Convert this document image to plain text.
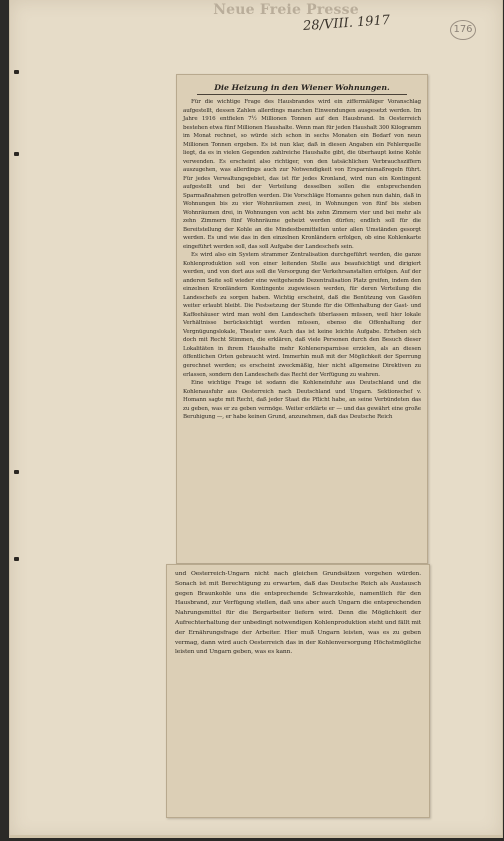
Neue Freie Presse
28/VIII. 1917	176
Die Heizung in den Wiener Wohnungen.

Für die wichtige Frage des Hausbrandes wird ein ziffermäßiger Voranschlag aufgestellt, dessen Zahlen allerdings manchen Einwendungen ausgesetzt werden. Im Jahre 1916 entfielen 7½ Millionen Tonnen auf den Hausbrand. In Oesterreich bestehen etwa fünf Millionen Haushalte. Wenn man für jeden Haushalt 300 Kilogramm im Monat rechnet, so würde sich schon in sechs Monaten ein Bedarf von neun Millionen Tonnen ergeben. Es ist nun klar, daß in diesen Angaben ein Fehlerquelle liegt, da es in vielen Gegenden zahlreiche Haushalte gibt, die überhaupt keine Kohle verwenden. Es erscheint also richtiger, von den tatsächlichen Verbrauchsziffern auszugehen, was allerdings auch zur Notwendigkeit von Ersparnismaßregeln führt. Für jedes Verwaltungsgebiet, das ist für jedes Kronland, wird nun ein Kontingent aufgestellt und bei der Verteilung desselben sollen die entsprechenden Sparmaßnahmen getroffen werden. Die Vorschläge Homanns gehen nun dahin, daß in Wohnungen bis zu vier Wohnräumen zwei, in Wohnungen von fünf bis sieben Wohnräumen drei, in Wohnungen von acht bis zehn Zimmern vier und bei mehr als zehn Zimmern fünf Wohnräume geheizt werden dürfen; endlich soll für die Bereitstellung der Kohle an die Mindestbemittelten unter allen Umständen gesorgt werden. Es und wie das in den einzelnen Kronländern erfolgen, ob eine Kohlenkarte eingeführt werden soll, das soll Aufgabe der Landeschefs sein.

Es wird also ein System strammer Zentralisation durchgeführt werden, die ganze Kohlenproduktion soll von einer leitenden Stelle aus beaufsichtigt und dirigiert werden, und von dort aus soll die Versorgung der Verkehrsanstalten erfolgen. Auf der anderen Seite soll wieder eine weitgehende Dezentralisation Platz greifen, indem den einzelnen Kronländern Kontingente zugewiesen werden, für deren Verteilung die Landeschefs zu sorgen haben. Wichtig erscheint, daß die Benützung von Gasöfen weiter erlaubt bleibt. Die Festsetzung der Stunde für die Offenhaltung der Gast- und Kaffeehäuser wird man wohl den Landeschefs überlassen müssen, weil hier lokale Verhältnisse berücksichtigt werden müssen, ebenso die Offenhaltung der Vergnügungslokale, Theater usw. Auch das ist keine leichte Aufgabe. Erheben sich doch mit Recht Stimmen, die erklären, daß viele Personen durch den Besuch dieser Lokalitäten in ihrem Haushalte mehr Kohlenersparnisse erzielen, als an diesen öffentlichen Orten gebraucht wird. Immerhin muß mit der Möglichkeit der Sperrung gerechnet werden; es erscheint zweckmäßig, hier nicht allgemeine Direktiven zu erlassen, sondern den Landeschefs das Recht der Verfügung zu wahren.

Eine wichtige Frage ist sodann die Kohleneinfuhr aus Deutschland und die Kohlenausfuhr aus Oesterreich nach Deutschland und Ungarn. Sektionschef v. Homann sagte mit Recht, daß jeder Staat die Pflicht habe, an seine Verbündeten das zu geben, was er zu geben vermöge. Weiter erklärte er — und das gewährt eine große Beruhigung —, er habe keinen Grund, anzunehmen, daß das Deutsche Reich

und Oesterreich-Ungarn nicht nach gleichen Grundsätzen vorgehen würden. Sonach ist mit Berechtigung zu erwarten, daß das Deutsche Reich als Austausch gegen Braunkohle uns die entsprechende Schwarzkohle, namentlich für den Hausbrand, zur Verfügung stellen, daß uns aber auch Ungarn die entsprechenden Nahrungsmittel für die Bergarbeiter liefern wird. Denn die Möglichkeit der Aufrechterhaltung der unbedingt notwendigen Kohlenproduktion steht und fällt mit der Ernährungsfrage der Arbeiter. Hier muß Ungarn leisten, was es zu geben vermag, dann wird auch Oesterreich das in der Kohlenversorgung Höchstmögliche leisten und Ungarn geben, was es kann.
